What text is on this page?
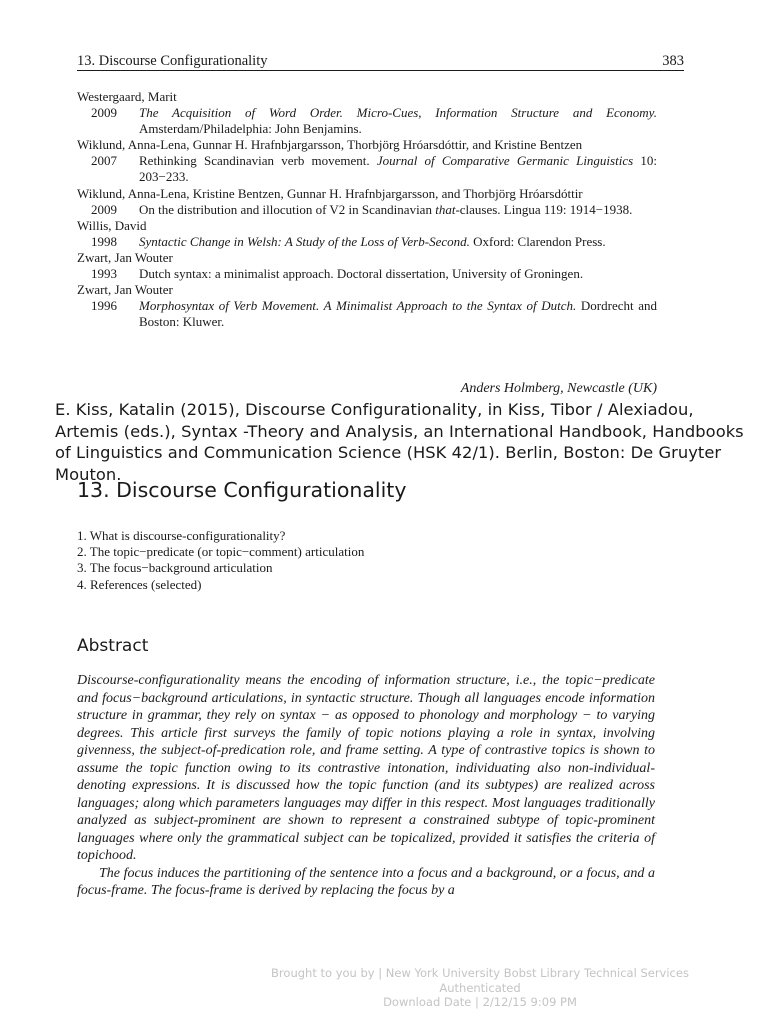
13. Discourse Configurationality	383
Westergaard, Marit
2009	The Acquisition of Word Order. Micro-Cues, Information Structure and Economy. Amsterdam/Philadelphia: John Benjamins.
Wiklund, Anna-Lena, Gunnar H. Hrafnbjargarsson, Thorbjörg Hróarsdóttir, and Kristine Bentzen
2007	Rethinking Scandinavian verb movement. Journal of Comparative Germanic Linguistics 10: 203−233.
Wiklund, Anna-Lena, Kristine Bentzen, Gunnar H. Hrafnbjargarsson, and Thorbjörg Hróarsdóttir
2009	On the distribution and illocution of V2 in Scandinavian that-clauses. Lingua 119: 1914−1938.
Willis, David
1998	Syntactic Change in Welsh: A Study of the Loss of Verb-Second. Oxford: Clarendon Press.
Zwart, Jan Wouter
1993	Dutch syntax: a minimalist approach. Doctoral dissertation, University of Groningen.
Zwart, Jan Wouter
1996	Morphosyntax of Verb Movement. A Minimalist Approach to the Syntax of Dutch. Dordrecht and Boston: Kluwer.
Anders Holmberg, Newcastle (UK)
E. Kiss, Katalin (2015), Discourse Configurationality, in Kiss, Tibor / Alexiadou, Artemis (eds.), Syntax -Theory and Analysis, an International Handbook, Handbooks of Linguistics and Communication Science (HSK 42/1). Berlin, Boston: De Gruyter Mouton.
13. Discourse Configurationality
1. What is discourse-configurationality?
2. The topic−predicate (or topic−comment) articulation
3. The focus−background articulation
4. References (selected)
Abstract

Discourse-configurationality means the encoding of information structure, i.e., the topic−predicate and focus−background articulations, in syntactic structure. Though all languages encode information structure in grammar, they rely on syntax − as opposed to phonology and morphology − to varying degrees. This article first surveys the family of topic notions playing a role in syntax, involving givenness, the subject-of-predication role, and frame setting. A type of contrastive topics is shown to assume the topic function owing to its contrastive intonation, individuating also non-individual-denoting expressions. It is discussed how the topic function (and its subtypes) are realized across languages; along which parameters languages may differ in this respect. Most languages traditionally analyzed as subject-prominent are shown to represent a constrained subtype of topic-prominent languages where only the grammatical subject can be topicalized, provided it satisfies the criteria of topichood.

The focus induces the partitioning of the sentence into a focus and a background, or a focus, and a focus-frame. The focus-frame is derived by replacing the focus by a

Brought to you by | New York University Bobst Library Technical Services
Authenticated
Download Date | 2/12/15 9:09 PM
